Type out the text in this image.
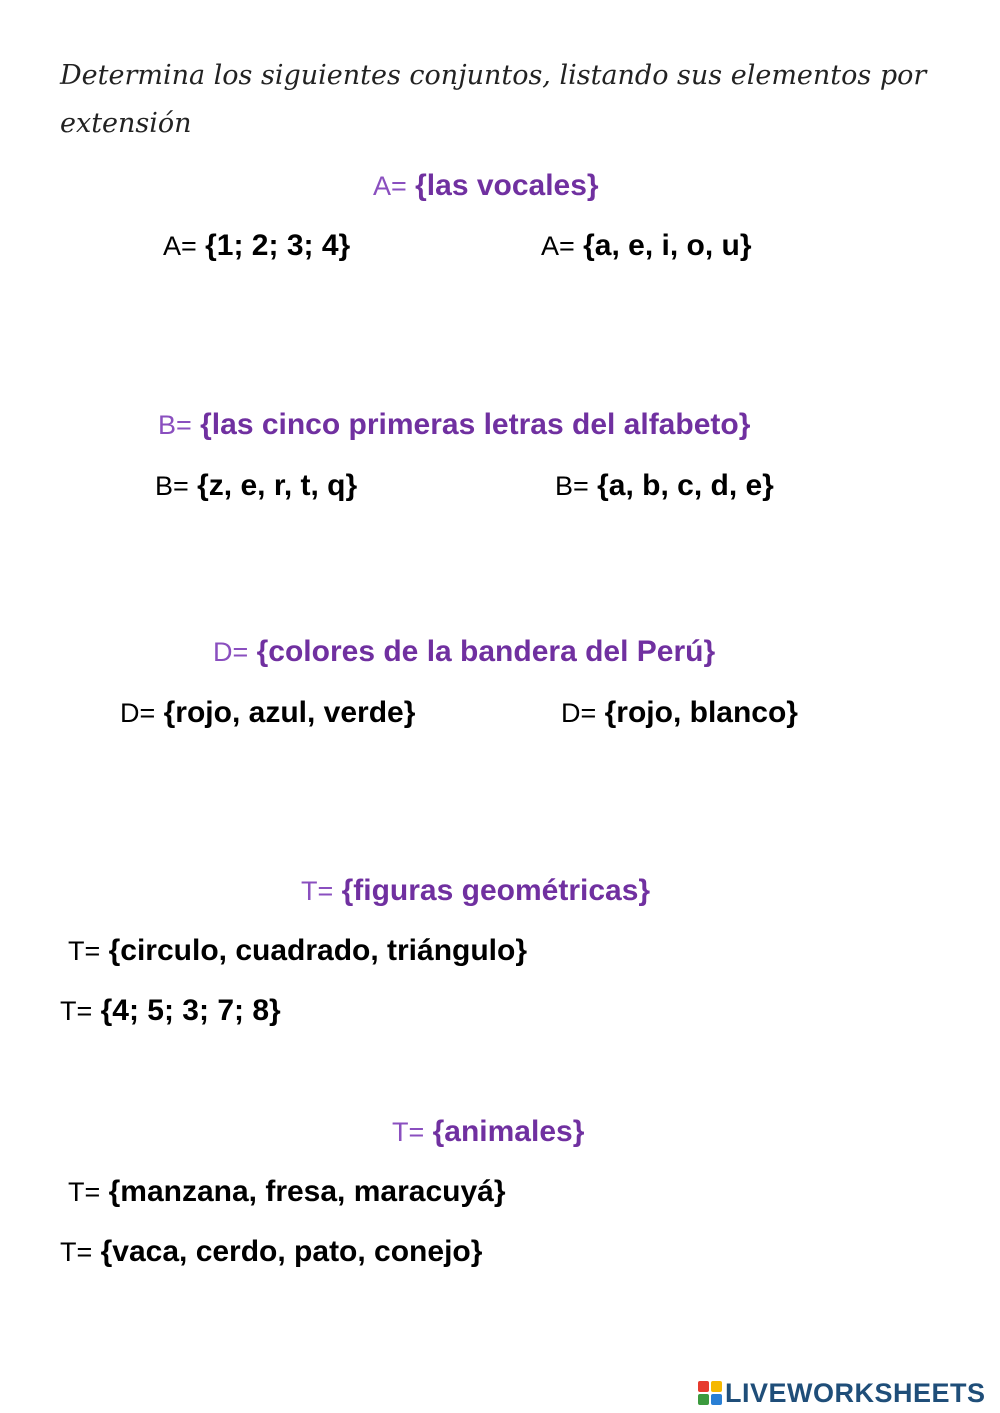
Determina los siguientes conjuntos, listando sus elementos por
extensión
A= {las vocales}
A= {1; 2; 3; 4}	A= {a, e, i, o, u}
B= {las cinco primeras letras del alfabeto}
B= {z, e, r, t, q}	B= {a, b, c, d, e}
D= {colores de la bandera del Perú}
D= {rojo, azul, verde}	D= {rojo, blanco}
T= {figuras geométricas}
T= {circulo, cuadrado, triángulo}
T= {4; 5; 3; 7; 8}
T= {animales}
T= {manzana, fresa, maracuyá}
T= {vaca, cerdo, pato, conejo}
LIVEWORKSHEETS
